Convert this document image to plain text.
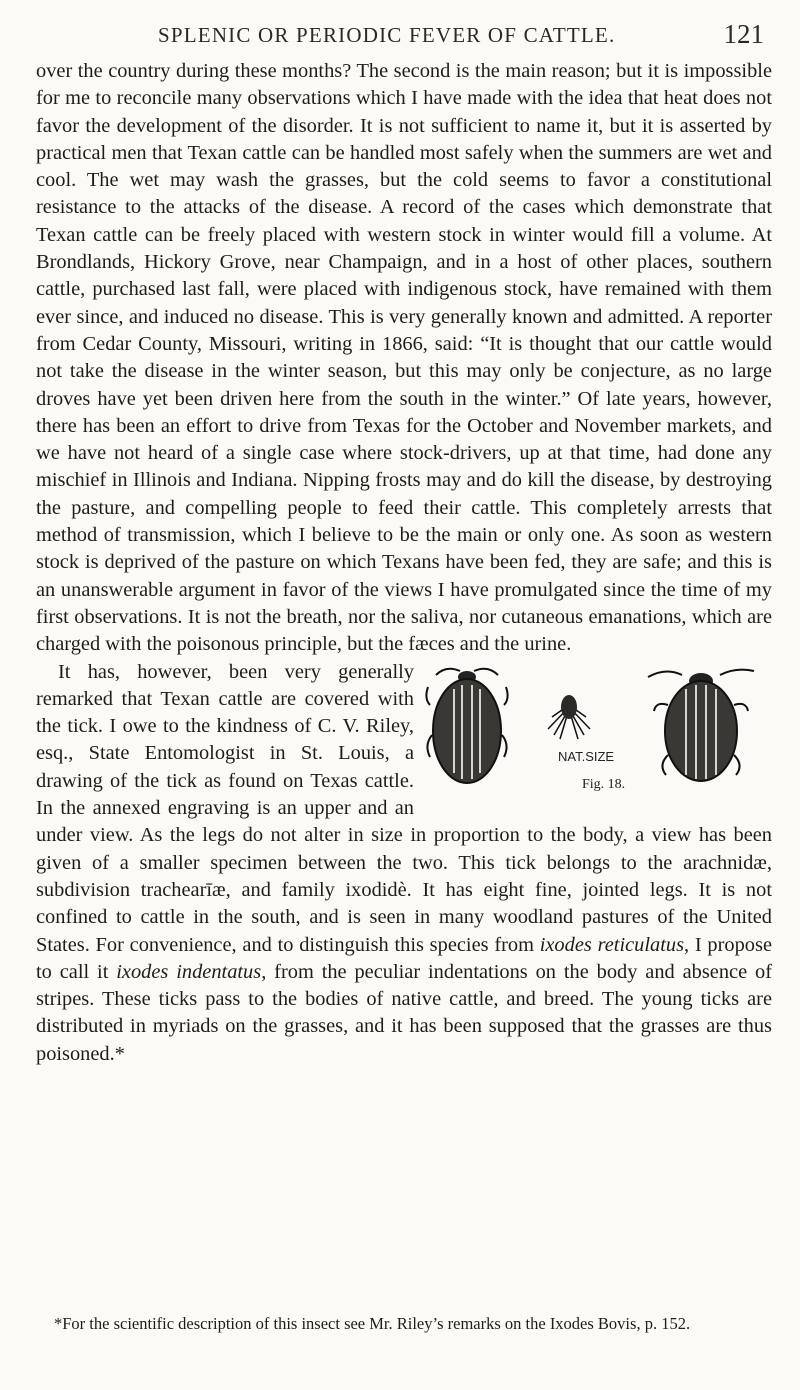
SPLENIC OR PERIODIC FEVER OF CATTLE.	121

over the country during these months? The second is the main reason; but it is impossible for me to reconcile many observations which I have made with the idea that heat does not favor the development of the disorder. It is not sufficient to name it, but it is asserted by practical men that Texan cattle can be handled most safely when the summers are wet and cool. The wet may wash the grasses, but the cold seems to favor a constitutional resistance to the attacks of the disease. A record of the cases which demonstrate that Texan cattle can be freely placed with western stock in winter would fill a volume. At Brondlands, Hickory Grove, near Champaign, and in a host of other places, southern cattle, purchased last fall, were placed with indigenous stock, have remained with them ever since, and induced no disease. This is very generally known and admitted. A reporter from Cedar County, Missouri, writing in 1866, said: “It is thought that our cattle would not take the disease in the winter season, but this may only be conjecture, as no large droves have yet been driven here from the south in the winter.” Of late years, however, there has been an effort to drive from Texas for the October and November markets, and we have not heard of a single case where stock-drivers, up at that time, had done any mischief in Illinois and Indiana. Nipping frosts may and do kill the disease, by destroying the pasture, and compelling people to feed their cattle. This completely arrests that method of transmission, which I believe to be the main or only one. As soon as western stock is deprived of the pasture on which Texans have been fed, they are safe; and this is an unanswerable argument in favor of the views I have promulgated since the time of my first observations. It is not the breath, nor the saliva, nor cutaneous emanations, which are charged with the poisonous principle, but the fæces and the urine.

NAT.SIZE
Fig. 18.
It has, however, been very generally remarked that Texan cattle are covered with the tick. I owe to the kindness of C. V. Riley, esq., State Entomologist in St. Louis, a drawing of the tick as found on Texas cattle. In the annexed engraving is an upper and an under view. As the legs do not alter in size in proportion to the body, a view has been given of a smaller specimen between the two. This tick belongs to the arachnidæ, subdivision trachearīæ, and family ixodidè. It has eight fine, jointed legs. It is not confined to cattle in the south, and is seen in many woodland pastures of the United States. For convenience, and to distinguish this species from ixodes reticulatus, I propose to call it ixodes indentatus, from the peculiar indentations on the body and absence of stripes. These ticks pass to the bodies of native cattle, and breed. The young ticks are distributed in myriads on the grasses, and it has been supposed that the grasses are thus poisoned.*

*For the scientific description of this insect see Mr. Riley’s remarks on the Ixodes Bovis, p. 152.
